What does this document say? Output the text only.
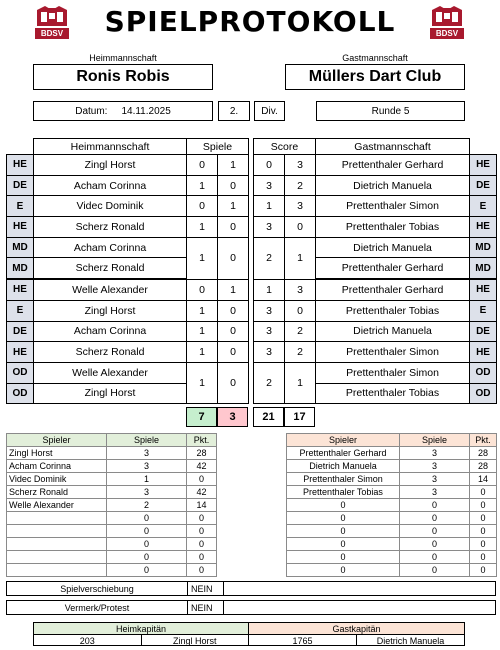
BDSV	BDSV
SPIELPROTOKOLL
Heimmannschaft
Ronis Robis
Gastmannschaft
Müllers Dart Club
Datum: 14.11.2025	2.	Div.	Runde 5
	Heimmannschaft	Spiele			Score		Gastmannschaft	
HE	Zingl Horst	0	1		0	3	Prettenthaler Gerhard	HE
DE	Acham Corinna	1	0		3	2	Dietrich Manuela	DE
E	Videc Dominik	0	1		1	3	Prettenthaler Simon	E
HE	Scherz Ronald	1	0		3	0	Prettenthaler Tobias	HE
MD	Acham Corinna	1	0		2	1	Dietrich Manuela	MD
MD	Scherz Ronald						Prettenthaler Gerhard	MD
HE	Welle Alexander	0	1		1	3	Prettenthaler Gerhard	HE
E	Zingl Horst	1	0		3	0	Prettenthaler Tobias	E
DE	Acham Corinna	1	0		3	2	Dietrich Manuela	DE
HE	Scherz Ronald	1	0		3	2	Prettenthaler Simon	HE
OD	Welle Alexander	1	0		2	1	Prettenthaler Simon	OD
OD	Zingl Horst						Prettenthaler Tobias	OD
7	3	21	17
Spieler	Spiele	Pkt.
Zingl Horst	3	28
Acham Corinna	3	42
Videc Dominik	1	0
Scherz Ronald	3	42
Welle Alexander	2	14
	0	0
	0	0
	0	0
	0	0
	0	0
Spieler	Spiele	Pkt.
Prettenthaler Gerhard	3	28
Dietrich Manuela	3	28
Prettenthaler Simon	3	14
Prettenthaler Tobias	3	0
0	0	0
0	0	0
0	0	0
0	0	0
0	0	0
0	0	0
Spielverschiebung	NEIN
Vermerk/Protest	NEIN
Heimkapitän
203	Zingl Horst
Gastkapitän
1765	Dietrich Manuela
